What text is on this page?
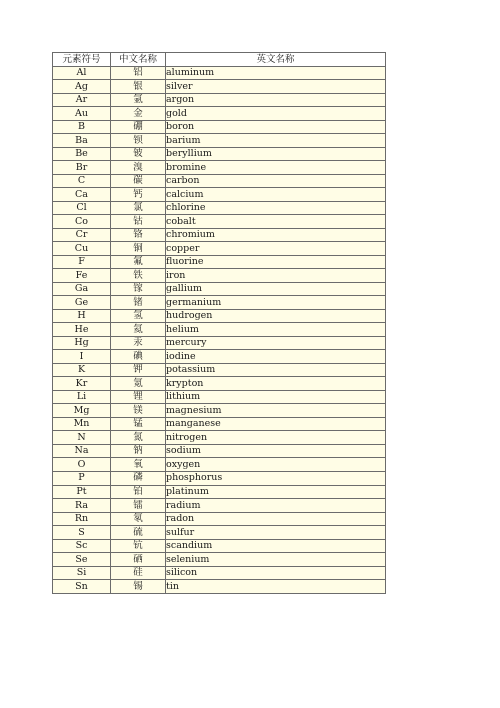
元素符号	中文名称	英文名称
Al	铝	aluminum
Ag	银	silver
Ar	氩	argon
Au	金	gold
B	硼	boron
Ba	钡	barium
Be	铍	beryllium
Br	溴	bromine
C	碳	carbon
Ca	钙	calcium
Cl	氯	chlorine
Co	钴	cobalt
Cr	铬	chromium
Cu	铜	copper
F	氟	fluorine
Fe	铁	iron
Ga	镓	gallium
Ge	锗	germanium
H	氢	hudrogen
He	氦	helium
Hg	汞	mercury
I	碘	iodine
K	钾	potassium
Kr	氪	krypton
Li	锂	lithium
Mg	镁	magnesium
Mn	锰	manganese
N	氮	nitrogen
Na	钠	sodium
O	氧	oxygen
P	磷	phosphorus
Pt	铂	platinum
Ra	镭	radium
Rn	氡	radon
S	硫	sulfur
Sc	钪	scandium
Se	硒	selenium
Si	硅	silicon
Sn	锡	tin
